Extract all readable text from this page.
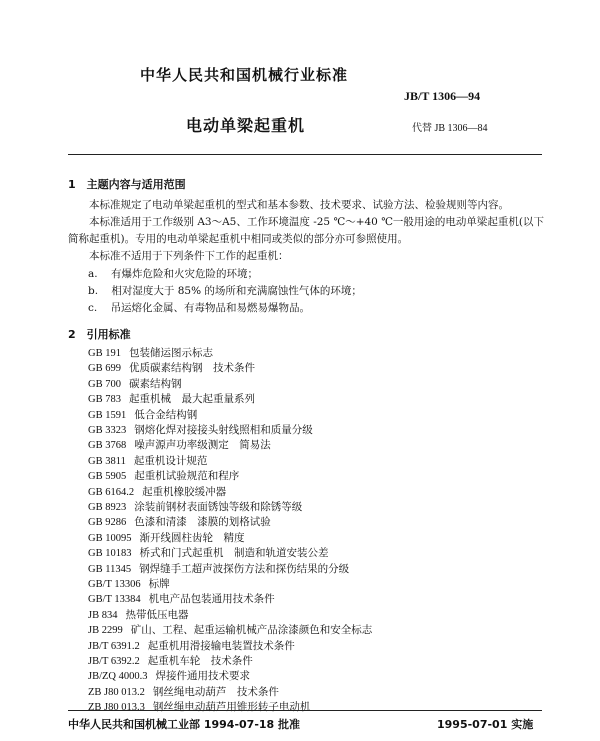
中华人民共和国机械行业标准
JB/T 1306—94
电动单梁起重机	代替 JB 1306—84
1　主题内容与适用范围
本标准规定了电动单梁起重机的型式和基本参数、技术要求、试验方法、检验规则等内容。
本标准适用于工作级别 A3～A5、工作环境温度 -25 ℃～+40 ℃一般用途的电动单梁起重机(以下简称起重机)。专用的电动单梁起重机中相同或类似的部分亦可参照使用。
本标准不适用于下列条件下工作的起重机：
a. 有爆炸危险和火灾危险的环境；
b. 相对湿度大于 85% 的场所和充满腐蚀性气体的环境；
c. 吊运熔化金属、有毒物品和易燃易爆物品。
2　引用标准
GB 191 包装储运图示标志
GB 699 优质碳素结构钢　技术条件
GB 700 碳素结构钢
GB 783 起重机械　最大起重量系列
GB 1591 低合金结构钢
GB 3323 钢熔化焊对接接头射线照相和质量分级
GB 3768 噪声源声功率级测定　简易法
GB 3811 起重机设计规范
GB 5905 起重机试验规范和程序
GB 6164.2 起重机橡胶缓冲器
GB 8923 涂装前钢材表面锈蚀等级和除锈等级
GB 9286 色漆和清漆　漆膜的划格试验
GB 10095 渐开线圆柱齿轮　精度
GB 10183 桥式和门式起重机　制造和轨道安装公差
GB 11345 钢焊缝手工超声波探伤方法和探伤结果的分级
GB/T 13306 标牌
GB/T 13384 机电产品包装通用技术条件
JB 834 热带低压电器
JB 2299 矿山、工程、起重运输机械产品涂漆颜色和安全标志
JB/T 6391.2 起重机用滑接输电装置技术条件
JB/T 6392.2 起重机车轮　技术条件
JB/ZQ 4000.3 焊接件通用技术要求
ZB J80 013.2 钢丝绳电动葫芦　技术条件
ZB J80 013.3 钢丝绳电动葫芦用锥形转子电动机
中华人民共和国机械工业部 1994-07-18 批准	1995-07-01 实施
